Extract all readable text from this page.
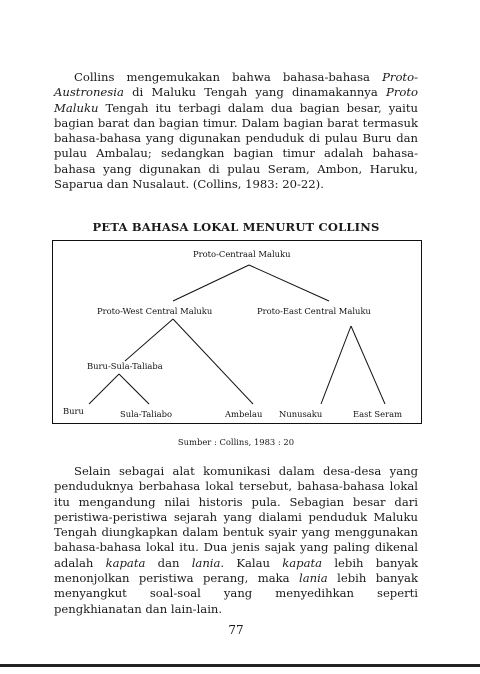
Collins mengemukakan bahwa bahasa-bahasa Proto-Austronesia di Maluku Tengah yang dinamakannya Proto Maluku Tengah itu terbagi dalam dua bagian besar, yaitu bagian barat dan bagian timur. Dalam bagian barat termasuk bahasa-bahasa yang digunakan penduduk di pulau Buru dan pulau Ambalau; sedangkan bagian timur adalah bahasa-bahasa yang digunakan di pulau Seram, Ambon, Haruku, Saparua dan Nusalaut. (Collins, 1983: 20-22).

PETA BAHASA LOKAL MENURUT COLLINS
Proto-Centraal Maluku
Proto-West Central Maluku	Proto-East Central Maluku
Buru-Sula-Taliaba
Buru	Sula-Taliabo	Ambelau Nunusaku	East Seram
Sumber : Collins, 1983 : 20

Selain sebagai alat komunikasi dalam desa-desa yang penduduknya berbahasa lokal tersebut, bahasa-bahasa lokal itu mengandung nilai historis pula. Sebagian besar dari peristiwa-peristiwa sejarah yang dialami penduduk Maluku Tengah diungkapkan dalam bentuk syair yang menggunakan bahasa-bahasa lokal itu. Dua jenis sajak yang paling dikenal adalah kapata dan lania. Kalau kapata lebih banyak menonjolkan peristiwa perang, maka lania lebih banyak menyangkut soal-soal yang menyedihkan seperti pengkhianatan dan lain-lain.

77
